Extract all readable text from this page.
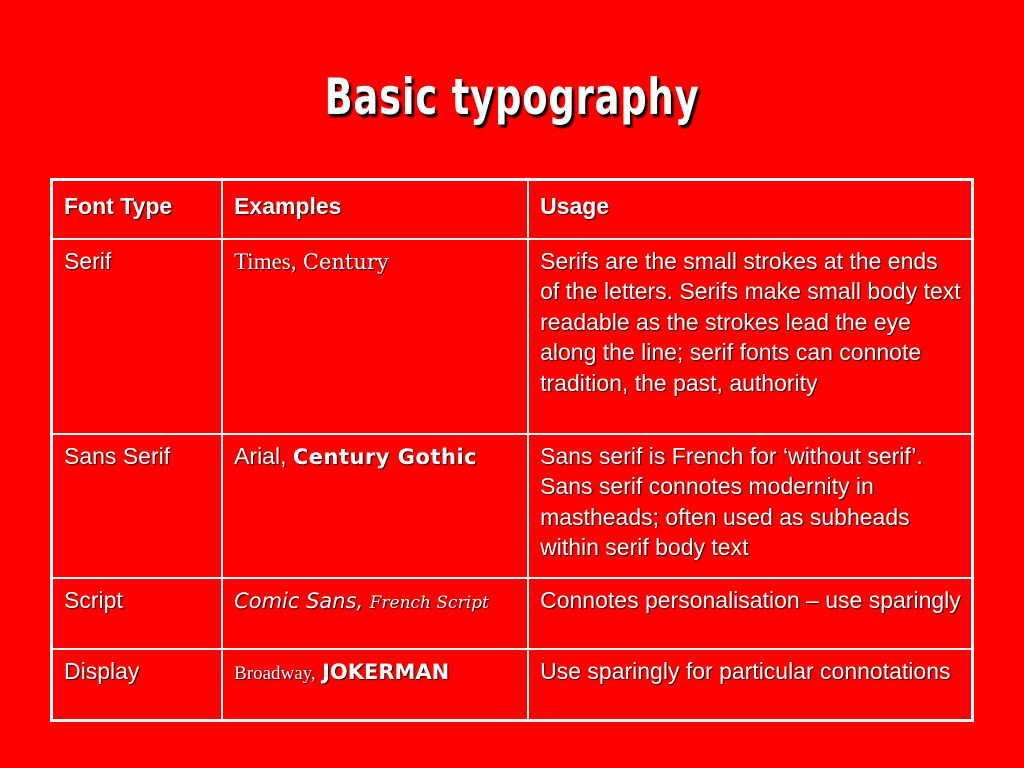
Basic typography
Font Type	Examples	Usage
Serif	Times, Century	Serifs are the small strokes at the ends of the letters. Serifs make small body text readable as the strokes lead the eye along the line; serif fonts can connote tradition, the past, authority
Sans Serif	Arial, Century Gothic	Sans serif is French for ‘without serif’. Sans serif connotes modernity in mastheads; often used as subheads within serif body text
Script	Comic Sans, French Script	Connotes personalisation – use sparingly
Display	Broadway, JOKERMAN	Use sparingly for particular connotations
